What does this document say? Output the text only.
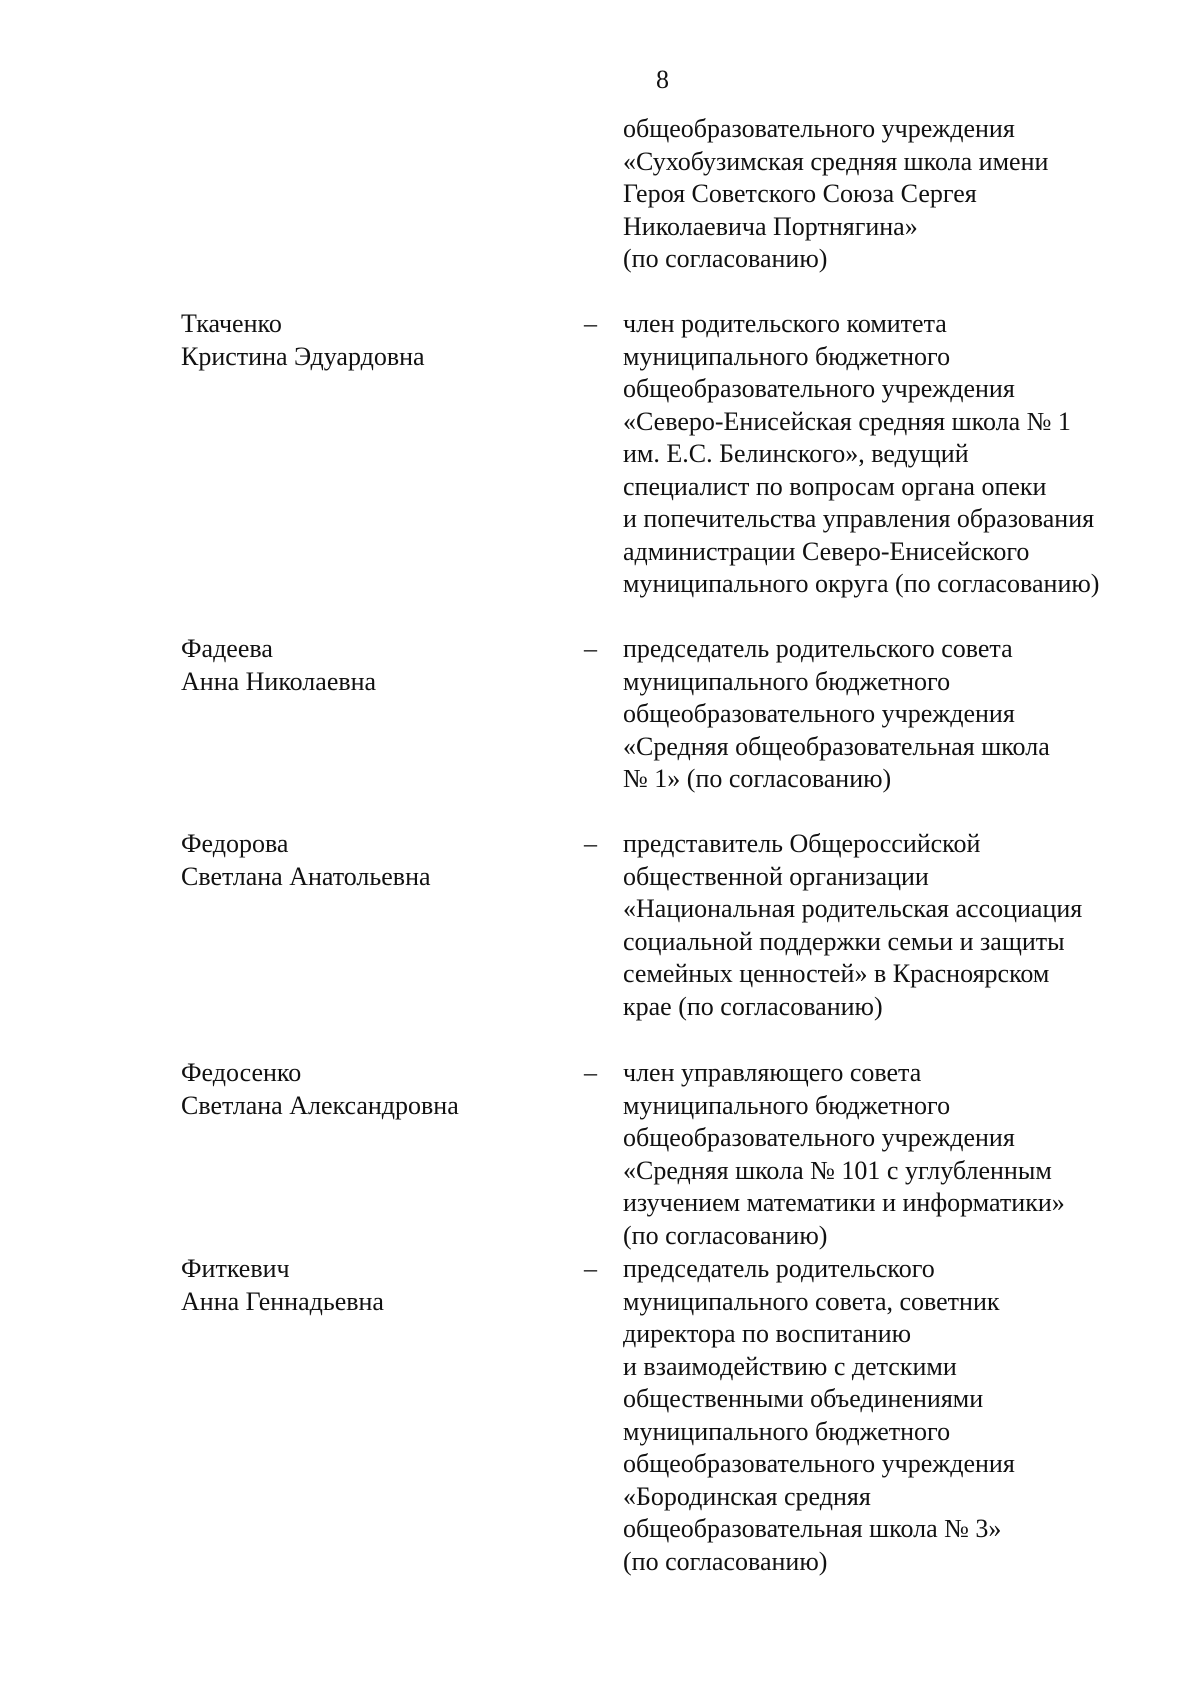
8
общеобразовательного учреждения
«Сухобузимская средняя школа имени
Героя Советского Союза Сергея
Николаевича Портнягина»
(по согласованию)
Ткаченко
Кристина Эдуардовна
–	член родительского комитета
муниципального бюджетного
общеобразовательного учреждения
«Северо-Енисейская средняя школа № 1
им. Е.С. Белинского», ведущий
специалист по вопросам органа опеки
и попечительства управления образования
администрации Северо-Енисейского
муниципального округа (по согласованию)
Фадеева
Анна Николаевна
–	председатель родительского совета
муниципального бюджетного
общеобразовательного учреждения
«Средняя общеобразовательная школа
№ 1» (по согласованию)
Федорова
Светлана Анатольевна
–	представитель Общероссийской
общественной организации
«Национальная родительская ассоциация
социальной поддержки семьи и защиты
семейных ценностей» в Красноярском
крае (по согласованию)
Федосенко
Светлана Александровна
–	член управляющего совета
муниципального бюджетного
общеобразовательного учреждения
«Средняя школа № 101 с углубленным
изучением математики и информатики»
(по согласованию)
Фиткевич
Анна Геннадьевна
–	председатель родительского
муниципального совета, советник
директора по воспитанию
и взаимодействию с детскими
общественными объединениями
муниципального бюджетного
общеобразовательного учреждения
«Бородинская средняя
общеобразовательная школа № 3»
(по согласованию)
